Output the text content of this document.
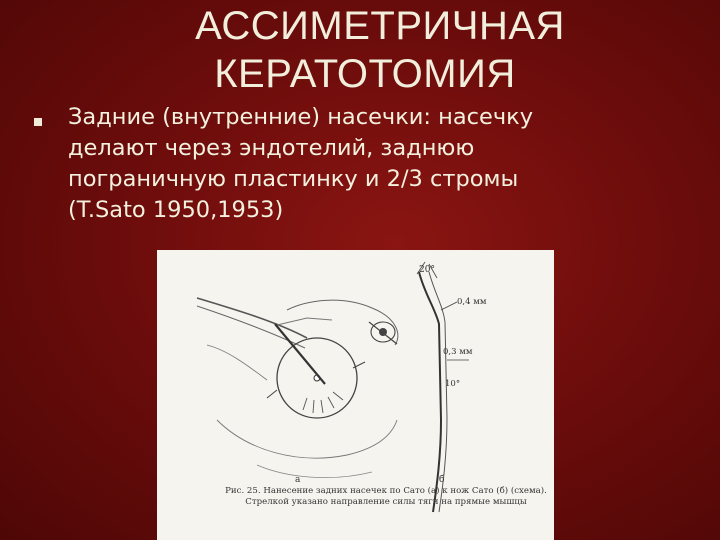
АССИМЕТРИЧНАЯ
КЕРАТОТОМИЯ
Задние (внутренние) насечки: насечку
делают через эндотелий, заднюю
пограничную пластинку и 2/3 стромы
(T.Sato 1950,1953)
20°
0,4 мм
0,3 мм
10°
a	б
Рис. 25. Нанесение задних насечек по Сато (а) к нож Сато (б) (схема). Стрелкой указано направление силы тяги на прямые мышцы
